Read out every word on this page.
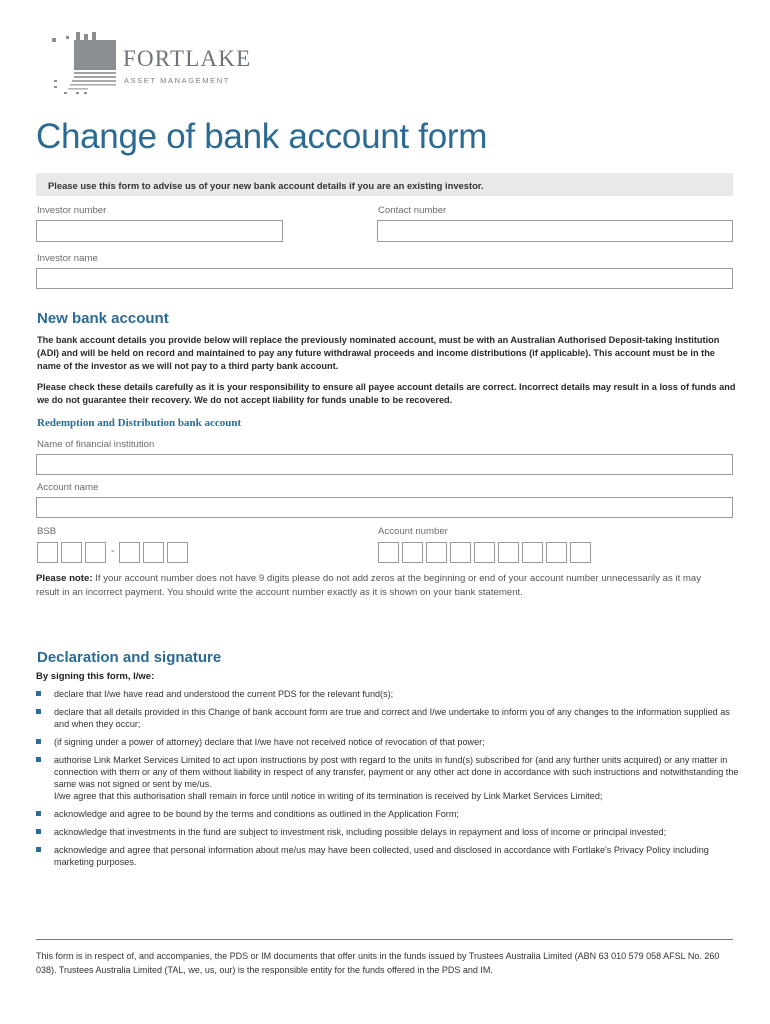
FORTLAKE
ASSET MANAGEMENT
Change of bank account form
Please use this form to advise us of your new bank account details if you are an existing investor.
Investor number	Contact number
Investor name
New bank account
The bank account details you provide below will replace the previously nominated account, must be with an Australian Authorised Deposit-taking Institution (ADI) and will be held on record and maintained to pay any future withdrawal proceeds and income distributions (if applicable). This account must be in the name of the investor as we will not pay to a third party bank account.
Please check these details carefully as it is your responsibility to ensure all payee account details are correct. Incorrect details may result in a loss of funds and we do not guarantee their recovery. We do not accept liability for funds unable to be recovered.
Redemption and Distribution bank account
Name of financial institution
Account name
BSB
-
Account number
Please note: If your account number does not have 9 digits please do not add zeros at the beginning or end of your account number unnecessarily as it may result in an incorrect payment. You should write the account number exactly as it is shown on your bank statement.
Declaration and signature
By signing this form, I/we:
declare that I/we have read and understood the current PDS for the relevant fund(s);
declare that all details provided in this Change of bank account form are true and correct and I/we undertake to inform you of any changes to the information supplied as and when they occur;
(if signing under a power of attorney) declare that I/we have not received notice of revocation of that power;
authorise Link Market Services Limited to act upon instructions by post with regard to the units in fund(s) subscribed for (and any further units acquired) or any matter in connection with them or any of them without liability in respect of any transfer, payment or any other act done in accordance with such instructions and notwithstanding the same was not signed or sent by me/us.
I/we agree that this authorisation shall remain in force until notice in writing of its termination is received by Link Market Services Limited;
acknowledge and agree to be bound by the terms and conditions as outlined in the Application Form;
acknowledge that investments in the fund are subject to investment risk, including possible delays in repayment and loss of income or principal invested;
acknowledge and agree that personal information about me/us may have been collected, used and disclosed in accordance with Fortlake's Privacy Policy including marketing purposes.
This form is in respect of, and accompanies, the PDS or IM documents that offer units in the funds issued by Trustees Australia Limited (ABN 63 010 579 058 AFSL No. 260 038). Trustees Australia Limited (TAL, we, us, our) is the responsible entity for the funds offered in the PDS and IM.
